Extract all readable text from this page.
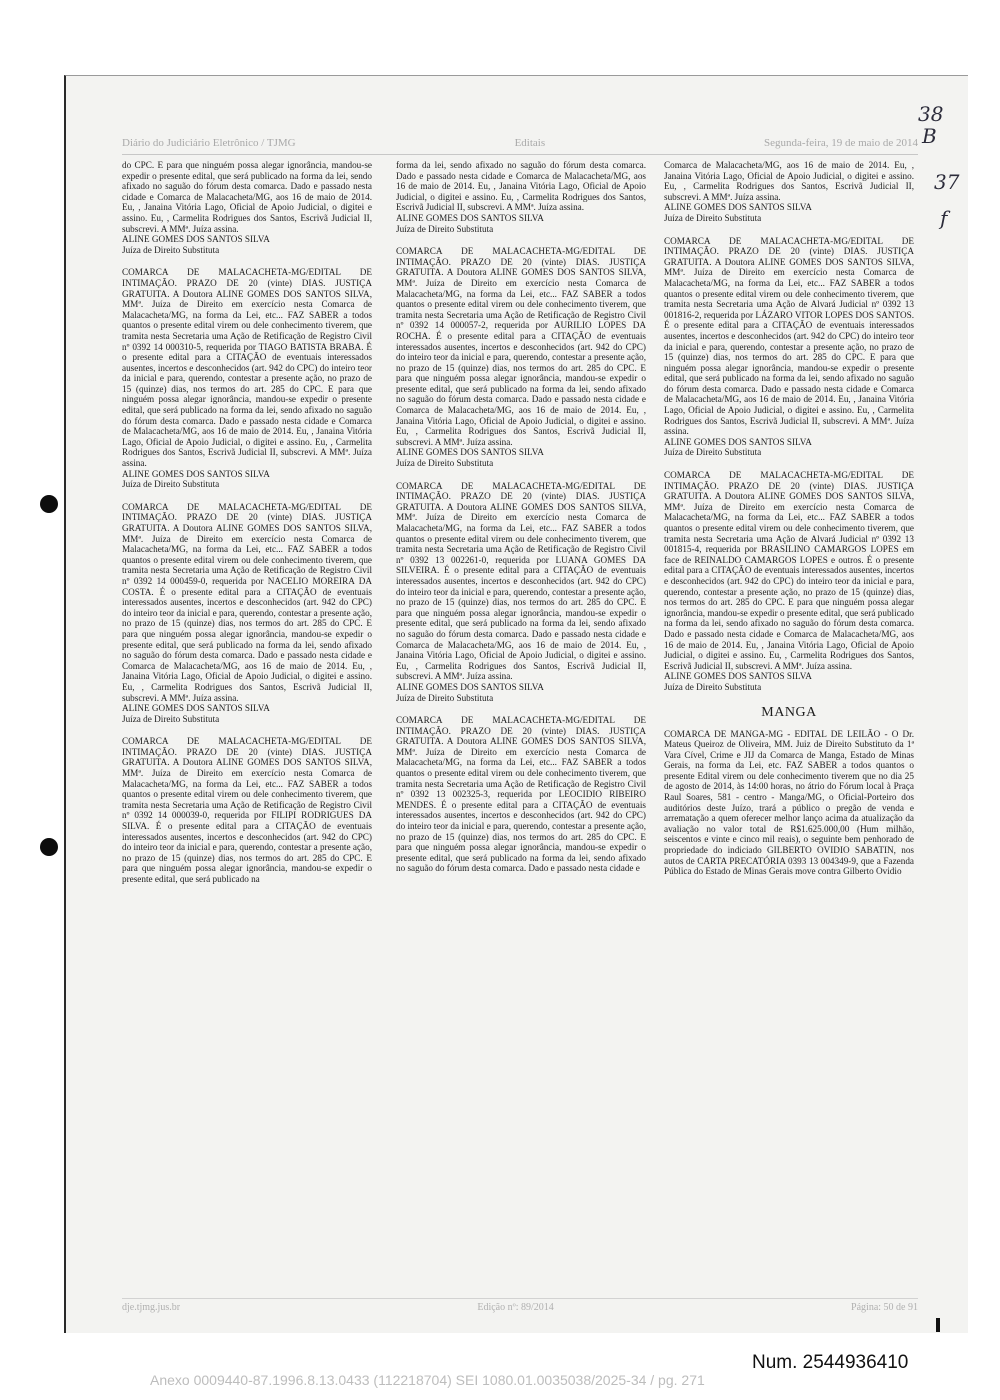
Diário do Judiciário Eletrônico / TJMG	Editais	Segunda-feira, 19 de maio de 2014

do CPC. E para que ninguém possa alegar ignorância, mandou-se expedir o presente edital, que será publicado na forma da lei, sendo afixado no saguão do fórum desta comarca. Dado e passado nesta cidade e Comarca de Malacacheta/MG, aos 16 de maio de 2014. Eu, , Janaina Vitória Lago, Oficial de Apoio Judicial, o digitei e assino. Eu, , Carmelita Rodrigues dos Santos, Escrivã Judicial II, subscrevi. A MMª. Juíza assina.

ALINE GOMES DOS SANTOS SILVA

Juíza de Direito Substituta

COMARCA DE MALACACHETA-MG/EDITAL DE INTIMAÇÃO. PRAZO DE 20 (vinte) DIAS. JUSTIÇA GRATUITA. A Doutora ALINE GOMES DOS SANTOS SILVA, MMª. Juíza de Direito em exercício nesta Comarca de Malacacheta/MG, na forma da Lei, etc... FAZ SABER a todos quantos o presente edital virem ou dele conhecimento tiverem, que tramita nesta Secretaria uma Ação de Retificação de Registro Civil nº 0392 14 000310-5, requerida por TIAGO BATISTA BRABA. É o presente edital para a CITAÇÃO de eventuais interessados ausentes, incertos e desconhecidos (art. 942 do CPC) do inteiro teor da inicial e para, querendo, contestar a presente ação, no prazo de 15 (quinze) dias, nos termos do art. 285 do CPC. E para que ninguém possa alegar ignorância, mandou-se expedir o presente edital, que será publicado na forma da lei, sendo afixado no saguão do fórum desta comarca. Dado e passado nesta cidade e Comarca de Malacacheta/MG, aos 16 de maio de 2014. Eu, , Janaina Vitória Lago, Oficial de Apoio Judicial, o digitei e assino. Eu, , Carmelita Rodrigues dos Santos, Escrivã Judicial II, subscrevi. A MMª. Juíza assina.

ALINE GOMES DOS SANTOS SILVA

Juíza de Direito Substituta

COMARCA DE MALACACHETA-MG/EDITAL DE INTIMAÇÃO. PRAZO DE 20 (vinte) DIAS. JUSTIÇA GRATUITA. A Doutora ALINE GOMES DOS SANTOS SILVA, MMª. Juíza de Direito em exercício nesta Comarca de Malacacheta/MG, na forma da Lei, etc... FAZ SABER a todos quantos o presente edital virem ou dele conhecimento tiverem, que tramita nesta Secretaria uma Ação de Retificação de Registro Civil nº 0392 14 000459-0, requerida por NACELIO MOREIRA DA COSTA. É o presente edital para a CITAÇÃO de eventuais interessados ausentes, incertos e desconhecidos (art. 942 do CPC) do inteiro teor da inicial e para, querendo, contestar a presente ação, no prazo de 15 (quinze) dias, nos termos do art. 285 do CPC. E para que ninguém possa alegar ignorância, mandou-se expedir o presente edital, que será publicado na forma da lei, sendo afixado no saguão do fórum desta comarca. Dado e passado nesta cidade e Comarca de Malacacheta/MG, aos 16 de maio de 2014. Eu, , Janaina Vitória Lago, Oficial de Apoio Judicial, o digitei e assino. Eu, , Carmelita Rodrigues dos Santos, Escrivã Judicial II, subscrevi. A MMª. Juíza assina.

ALINE GOMES DOS SANTOS SILVA

Juíza de Direito Substituta

COMARCA DE MALACACHETA-MG/EDITAL DE INTIMAÇÃO. PRAZO DE 20 (vinte) DIAS. JUSTIÇA GRATUITA. A Doutora ALINE GOMES DOS SANTOS SILVA, MMª. Juíza de Direito em exercício nesta Comarca de Malacacheta/MG, na forma da Lei, etc... FAZ SABER a todos quantos o presente edital virem ou dele conhecimento tiverem, que tramita nesta Secretaria uma Ação de Retificação de Registro Civil nº 0392 14 000039-0, requerida por FILIPI RODRIGUES DA SILVA. É o presente edital para a CITAÇÃO de eventuais interessados ausentes, incertos e desconhecidos (art. 942 do CPC) do inteiro teor da inicial e para, querendo, contestar a presente ação, no prazo de 15 (quinze) dias, nos termos do art. 285 do CPC. E para que ninguém possa alegar ignorância, mandou-se expedir o presente edital, que será publicado na

forma da lei, sendo afixado no saguão do fórum desta comarca. Dado e passado nesta cidade e Comarca de Malacacheta/MG, aos 16 de maio de 2014. Eu, , Janaina Vitória Lago, Oficial de Apoio Judicial, o digitei e assino. Eu, , Carmelita Rodrigues dos Santos, Escrivã Judicial II, subscrevi. A MMª. Juíza assina.

ALINE GOMES DOS SANTOS SILVA

Juíza de Direito Substituta

COMARCA DE MALACACHETA-MG/EDITAL DE INTIMAÇÃO. PRAZO DE 20 (vinte) DIAS. JUSTIÇA GRATUITA. A Doutora ALINE GOMES DOS SANTOS SILVA, MMª. Juíza de Direito em exercício nesta Comarca de Malacacheta/MG, na forma da Lei, etc... FAZ SABER a todos quantos o presente edital virem ou dele conhecimento tiverem, que tramita nesta Secretaria uma Ação de Retificação de Registro Civil nº 0392 14 000057-2, requerida por AURILIO LOPES DA ROCHA. É o presente edital para a CITAÇÃO de eventuais interessados ausentes, incertos e desconhecidos (art. 942 do CPC) do inteiro teor da inicial e para, querendo, contestar a presente ação, no prazo de 15 (quinze) dias, nos termos do art. 285 do CPC. E para que ninguém possa alegar ignorância, mandou-se expedir o presente edital, que será publicado na forma da lei, sendo afixado no saguão do fórum desta comarca. Dado e passado nesta cidade e Comarca de Malacacheta/MG, aos 16 de maio de 2014. Eu, , Janaina Vitória Lago, Oficial de Apoio Judicial, o digitei e assino. Eu, , Carmelita Rodrigues dos Santos, Escrivã Judicial II, subscrevi. A MMª. Juíza assina.

ALINE GOMES DOS SANTOS SILVA

Juíza de Direito Substituta

COMARCA DE MALACACHETA-MG/EDITAL DE INTIMAÇÃO. PRAZO DE 20 (vinte) DIAS. JUSTIÇA GRATUITA. A Doutora ALINE GOMES DOS SANTOS SILVA, MMª. Juíza de Direito em exercício nesta Comarca de Malacacheta/MG, na forma da Lei, etc... FAZ SABER a todos quantos o presente edital virem ou dele conhecimento tiverem, que tramita nesta Secretaria uma Ação de Retificação de Registro Civil nº 0392 13 002261-0, requerida por LUANA GOMES DA SILVEIRA. É o presente edital para a CITAÇÃO de eventuais interessados ausentes, incertos e desconhecidos (art. 942 do CPC) do inteiro teor da inicial e para, querendo, contestar a presente ação, no prazo de 15 (quinze) dias, nos termos do art. 285 do CPC. E para que ninguém possa alegar ignorância, mandou-se expedir o presente edital, que será publicado na forma da lei, sendo afixado no saguão do fórum desta comarca. Dado e passado nesta cidade e Comarca de Malacacheta/MG, aos 16 de maio de 2014. Eu, , Janaina Vitória Lago, Oficial de Apoio Judicial, o digitei e assino. Eu, , Carmelita Rodrigues dos Santos, Escrivã Judicial II, subscrevi. A MMª. Juíza assina.

ALINE GOMES DOS SANTOS SILVA

Juíza de Direito Substituta

COMARCA DE MALACACHETA-MG/EDITAL DE INTIMAÇÃO. PRAZO DE 20 (vinte) DIAS. JUSTIÇA GRATUITA. A Doutora ALINE GOMES DOS SANTOS SILVA, MMª. Juíza de Direito em exercício nesta Comarca de Malacacheta/MG, na forma da Lei, etc... FAZ SABER a todos quantos o presente edital virem ou dele conhecimento tiverem, que tramita nesta Secretaria uma Ação de Retificação de Registro Civil nº 0392 13 002325-3, requerida por LEOCIDIO RIBEIRO MENDES. É o presente edital para a CITAÇÃO de eventuais interessados ausentes, incertos e desconhecidos (art. 942 do CPC) do inteiro teor da inicial e para, querendo, contestar a presente ação, no prazo de 15 (quinze) dias, nos termos do art. 285 do CPC. E para que ninguém possa alegar ignorância, mandou-se expedir o presente edital, que será publicado na forma da lei, sendo afixado no saguão do fórum desta comarca. Dado e passado nesta cidade e

Comarca de Malacacheta/MG, aos 16 de maio de 2014. Eu, , Janaina Vitória Lago, Oficial de Apoio Judicial, o digitei e assino. Eu, , Carmelita Rodrigues dos Santos, Escrivã Judicial II, subscrevi. A MMª. Juíza assina.

ALINE GOMES DOS SANTOS SILVA

Juíza de Direito Substituta

COMARCA DE MALACACHETA-MG/EDITAL DE INTIMAÇÃO. PRAZO DE 20 (vinte) DIAS. JUSTIÇA GRATUITA. A Doutora ALINE GOMES DOS SANTOS SILVA, MMª. Juíza de Direito em exercício nesta Comarca de Malacacheta/MG, na forma da Lei, etc... FAZ SABER a todos quantos o presente edital virem ou dele conhecimento tiverem, que tramita nesta Secretaria uma Ação de Alvará Judicial nº 0392 13 001816-2, requerida por LÁZARO VITOR LOPES DOS SANTOS. É o presente edital para a CITAÇÃO de eventuais interessados ausentes, incertos e desconhecidos (art. 942 do CPC) do inteiro teor da inicial e para, querendo, contestar a presente ação, no prazo de 15 (quinze) dias, nos termos do art. 285 do CPC. E para que ninguém possa alegar ignorância, mandou-se expedir o presente edital, que será publicado na forma da lei, sendo afixado no saguão do fórum desta comarca. Dado e passado nesta cidade e Comarca de Malacacheta/MG, aos 16 de maio de 2014. Eu, , Janaina Vitória Lago, Oficial de Apoio Judicial, o digitei e assino. Eu, , Carmelita Rodrigues dos Santos, Escrivã Judicial II, subscrevi. A MMª. Juíza assina.

ALINE GOMES DOS SANTOS SILVA

Juíza de Direito Substituta

COMARCA DE MALACACHETA-MG/EDITAL DE INTIMAÇÃO. PRAZO DE 20 (vinte) DIAS. JUSTIÇA GRATUITA. A Doutora ALINE GOMES DOS SANTOS SILVA, MMª. Juíza de Direito em exercício nesta Comarca de Malacacheta/MG, na forma da Lei, etc... FAZ SABER a todos quantos o presente edital virem ou dele conhecimento tiverem, que tramita nesta Secretaria uma Ação de Alvará Judicial nº 0392 13 001815-4, requerida por BRASILINO CAMARGOS LOPES em face de REINALDO CAMARGOS LOPES e outros. É o presente edital para a CITAÇÃO de eventuais interessados ausentes, incertos e desconhecidos (art. 942 do CPC) do inteiro teor da inicial e para, querendo, contestar a presente ação, no prazo de 15 (quinze) dias, nos termos do art. 285 do CPC. E para que ninguém possa alegar ignorância, mandou-se expedir o presente edital, que será publicado na forma da lei, sendo afixado no saguão do fórum desta comarca. Dado e passado nesta cidade e Comarca de Malacacheta/MG, aos 16 de maio de 2014. Eu, , Janaina Vitória Lago, Oficial de Apoio Judicial, o digitei e assino. Eu, , Carmelita Rodrigues dos Santos, Escrivã Judicial II, subscrevi. A MMª. Juíza assina.

ALINE GOMES DOS SANTOS SILVA

Juíza de Direito Substituta

MANGA

COMARCA DE MANGA-MG - EDITAL DE LEILÃO - O Dr. Mateus Queiroz de Oliveira, MM. Juiz de Direito Substituto da 1ª Vara Cível, Crime e JIJ da Comarca de Manga, Estado de Minas Gerais, na forma da Lei, etc. FAZ SABER a todos quantos o presente Edital virem ou dele conhecimento tiverem que no dia 25 de agosto de 2014, às 14:00 horas, no átrio do Fórum local à Praça Raul Soares, 581 - centro - Manga/MG, o Oficial-Porteiro dos auditórios deste Juízo, trará a público o pregão de venda e arrematação a quem oferecer melhor lanço acima da atualização da avaliação no valor total de R$1.625.000,00 (Hum milhão, seiscentos e vinte e cinco mil reais), o seguinte bem penhorado de propriedade do indiciado GILBERTO OVIDIO SABATIN, nos autos de CARTA PRECATÓRIA 0393 13 004349-9, que a Fazenda Pública do Estado de Minas Gerais move contra Gilberto Ovidio

dje.tjmg.jus.br	Edição nº: 89/2014	Página: 50 de 91
38
B
37
f
Num. 2544936410
Anexo 0009440-87.1996.8.13.0433 (112218704) SEI 1080.01.0035038/2025-34 / pg. 271
